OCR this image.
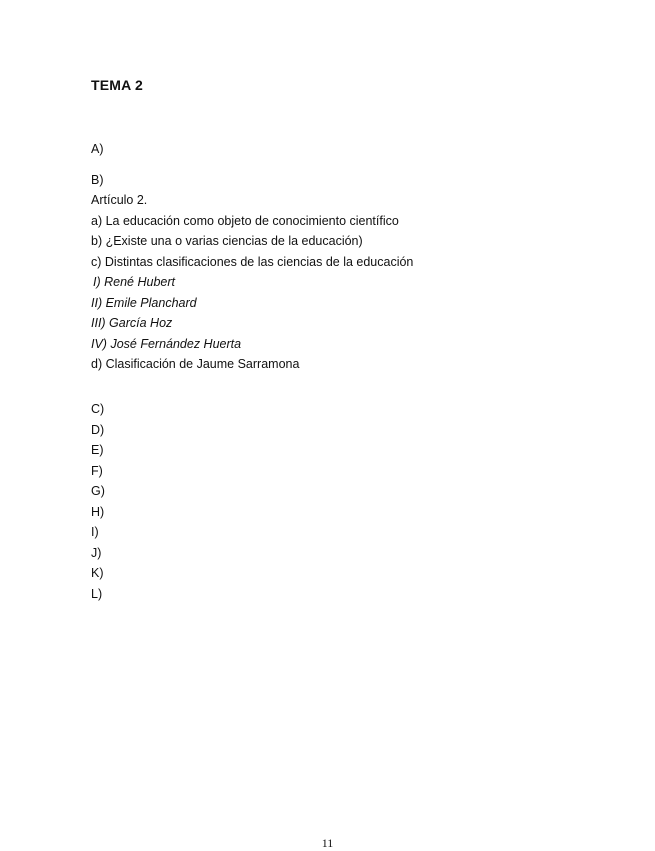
TEMA 2
A)
B)
Artículo 2.
a) La educación como objeto de conocimiento científico
b) ¿Existe una o varias ciencias de la educación)
c) Distintas clasificaciones de las ciencias de la educación
I) René Hubert
II) Emile Planchard
III) García Hoz
IV) José Fernández Huerta
d) Clasificación de Jaume Sarramona
C)
D)
E)
F)
G)
H)
I)
J)
K)
L)
11
